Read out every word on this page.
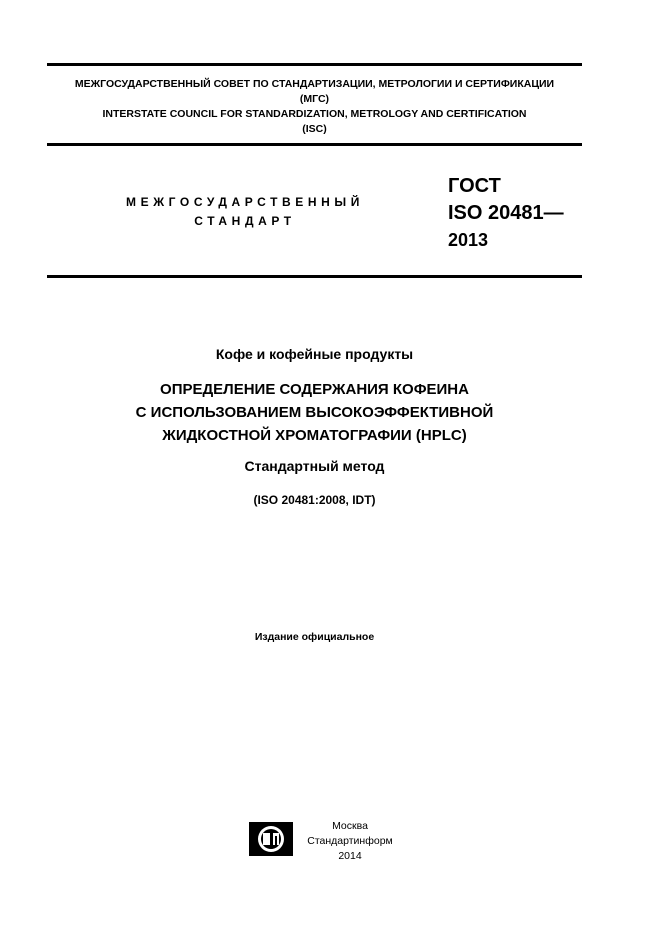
МЕЖГОСУДАРСТВЕННЫЙ СОВЕТ ПО СТАНДАРТИЗАЦИИ, МЕТРОЛОГИИ И СЕРТИФИКАЦИИ
(МГС)
INTERSTATE COUNCIL FOR STANDARDIZATION, METROLOGY AND CERTIFICATION
(ISC)
МЕЖГОСУДАРСТВЕННЫЙ
СТАНДАРТ
ГОСТ
ISO 20481—
2013
Кофе и кофейные продукты
ОПРЕДЕЛЕНИЕ СОДЕРЖАНИЯ КОФЕИНА
С ИСПОЛЬЗОВАНИЕМ ВЫСОКОЭФФЕКТИВНОЙ
ЖИДКОСТНОЙ ХРОМАТОГРАФИИ (HPLC)
Стандартный метод
(ISO 20481:2008, IDT)
Издание официальное
Москва
Стандартинформ
2014
